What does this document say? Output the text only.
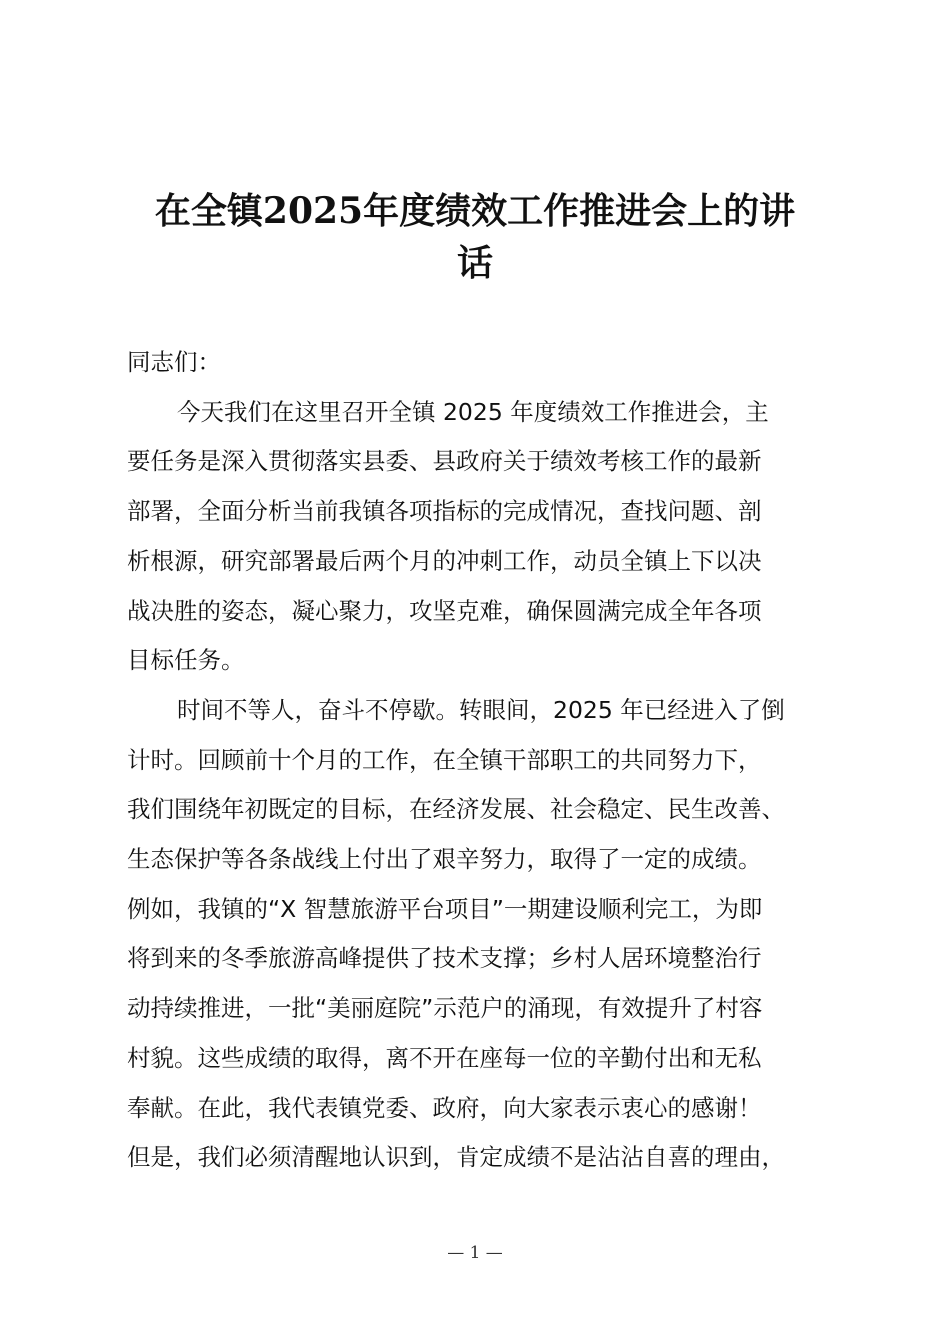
在全镇2025年度绩效工作推进会上的讲
话

同志们：

今天我们在这里召开全镇 2025 年度绩效工作推进会，主

要任务是深入贯彻落实县委、县政府关于绩效考核工作的最新

部署，全面分析当前我镇各项指标的完成情况，查找问题、剖

析根源，研究部署最后两个月的冲刺工作，动员全镇上下以决

战决胜的姿态，凝心聚力，攻坚克难，确保圆满完成全年各项

目标任务。

时间不等人，奋斗不停歇。转眼间，2025 年已经进入了倒

计时。回顾前十个月的工作，在全镇干部职工的共同努力下，

我们围绕年初既定的目标，在经济发展、社会稳定、民生改善、

生态保护等各条战线上付出了艰辛努力，取得了一定的成绩。

例如，我镇的“X 智慧旅游平台项目”一期建设顺利完工，为即

将到来的冬季旅游高峰提供了技术支撑；乡村人居环境整治行

动持续推进，一批“美丽庭院”示范户的涌现，有效提升了村容

村貌。这些成绩的取得，离不开在座每一位的辛勤付出和无私

奉献。在此，我代表镇党委、政府，向大家表示衷心的感谢！

但是，我们必须清醒地认识到，肯定成绩不是沾沾自喜的理由，

— 1 —
